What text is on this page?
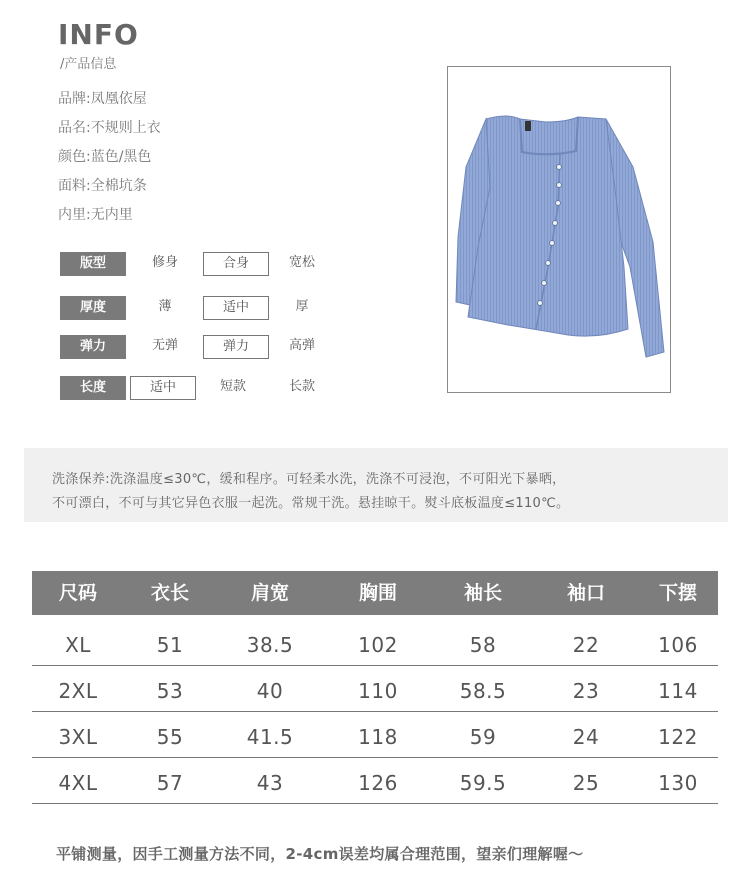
INFO
/产品信息
品牌:凤凰依屋
品名:不规则上衣
颜色:蓝色/黑色
面料:全棉坑条
内里:无内里
版型	修身	合身	宽松
厚度	薄	适中	厚
弹力	无弹	弹力	高弹
长度	适中	短款	长款
洗涤保养:洗涤温度≤30℃，缓和程序。可轻柔水洗，洗涤不可浸泡，不可阳光下暴晒，
不可漂白，不可与其它异色衣服一起洗。常规干洗。悬挂晾干。熨斗底板温度≤110℃。
尺码	衣长	肩宽	胸围	袖长	袖口	下摆
XL	51	38.5	102	58	22	106
2XL	53	40	110	58.5	23	114
3XL	55	41.5	118	59	24	122
4XL	57	43	126	59.5	25	130
平铺测量，因手工测量方法不同，2-4cm误差均属合理范围，望亲们理解喔～
